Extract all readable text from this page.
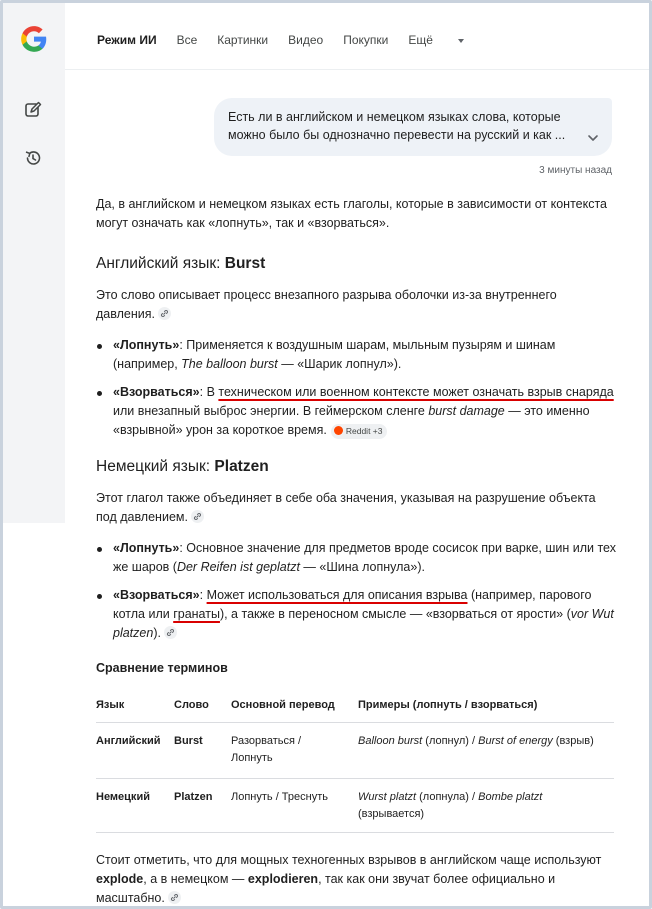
Режим ИИ Все Картинки Видео Покупки Ещё
Есть ли в английском и немецком языках слова, которые
можно было бы однозначно перевести на русский и как ...
3 минуты назад

Да, в английском и немецком языках есть глаголы, которые в зависимости от контекста могут означать как «лопнуть», так и «взорваться».

Английский язык: Burst

Это слово описывает процесс внезапного разрыва оболочки из-за внутреннего давления.

«Лопнуть»: Применяется к воздушным шарам, мыльным пузырям и шинам (например, The balloon burst — «Шарик лопнул»).
«Взорваться»: В техническом или военном контексте может означать взрыв снаряда или внезапный выброс энергии. В геймерском сленге burst damage — это именно «взрывной» урон за короткое время. Reddit +3
Немецкий язык: Platzen

Этот глагол также объединяет в себе оба значения, указывая на разрушение объекта под давлением.

«Лопнуть»: Основное значение для предметов вроде сосисок при варке, шин или тех же шаров (Der Reifen ist geplatzt — «Шина лопнула»).
«Взорваться»: Может использоваться для описания взрыва (например, парового котла или гранаты), а также в переносном смысле — «взорваться от ярости» (vor Wut platzen).
Сравнение терминов
Язык	Слово	Основной перевод	Примеры (лопнуть / взорваться)
Английский	Burst	Разорваться / Лопнуть	Balloon burst (лопнул) / Burst of energy (взрыв)
Немецкий	Platzen	Лопнуть / Треснуть	Wurst platzt (лопнула) / Bombe platzt (взрывается)

Стоит отметить, что для мощных техногенных взрывов в английском чаще используют explode, а в немецком — explodieren, так как они звучат более официально и масштабно.
